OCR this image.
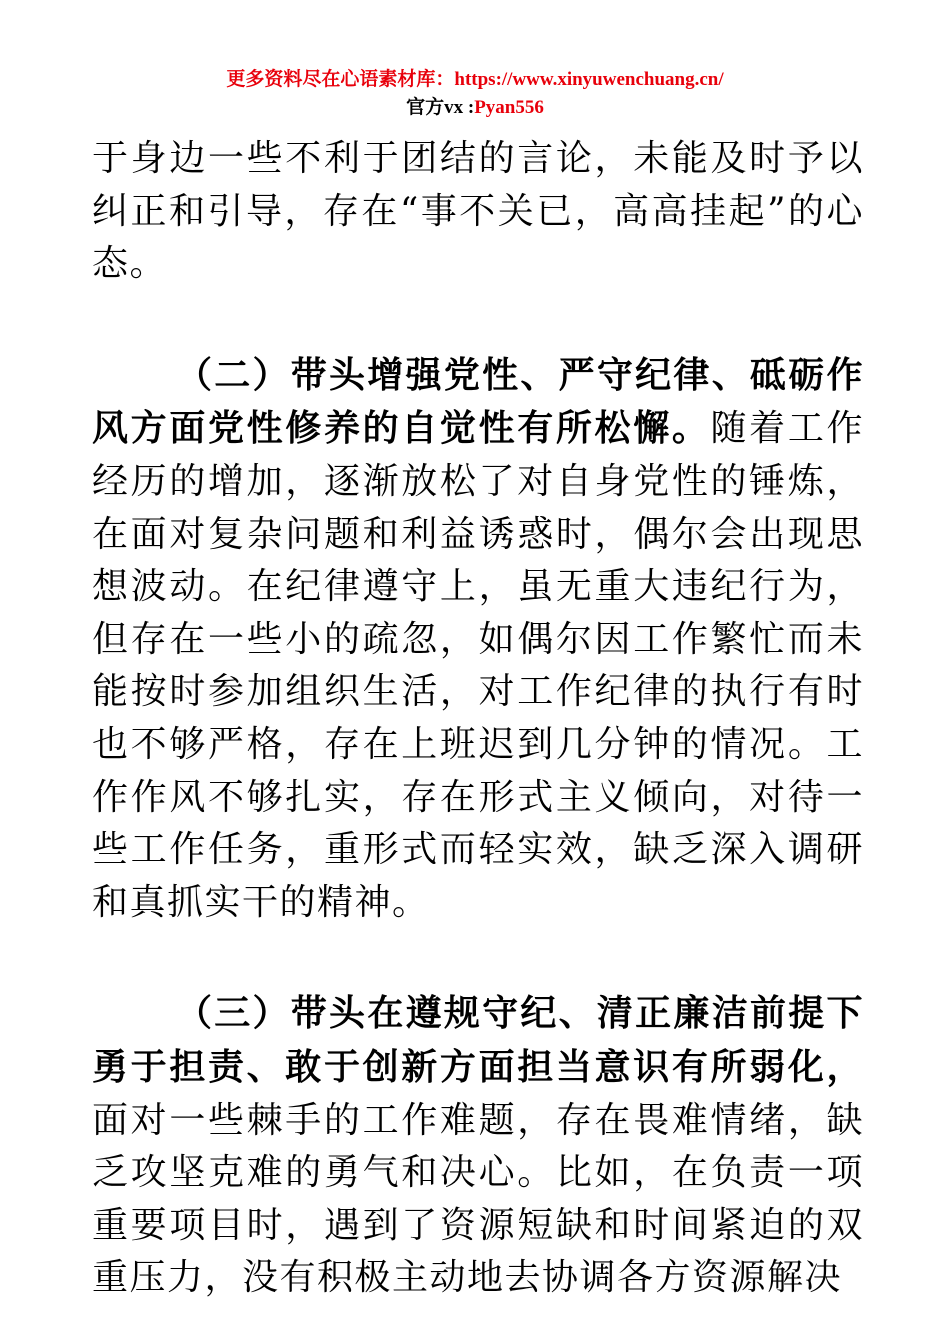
更多资料尽在心语素材库：https://www.xinyuwenchuang.cn/
官方vx :Pyan556

于身边一些不利于团结的言论，未能及时予以纠正和引导，存在“事不关已，高高挂起”的心态。

（二）带头增强党性、严守纪律、砥砺作风方面党性修养的自觉性有所松懈。随着工作经历的增加，逐渐放松了对自身党性的锤炼，在面对复杂问题和利益诱惑时，偶尔会出现思想波动。在纪律遵守上，虽无重大违纪行为，但存在一些小的疏忽，如偶尔因工作繁忙而未能按时参加组织生活，对工作纪律的执行有时也不够严格，存在上班迟到几分钟的情况。工作作风不够扎实，存在形式主义倾向，对待一些工作任务，重形式而轻实效，缺乏深入调研和真抓实干的精神。

（三）带头在遵规守纪、清正廉洁前提下勇于担责、敢于创新方面担当意识有所弱化，面对一些棘手的工作难题，存在畏难情绪，缺乏攻坚克难的勇气和决心。比如，在负责一项重要项目时，遇到了资源短缺和时间紧迫的双重压力，没有积极主动地去协调各方资源解决
